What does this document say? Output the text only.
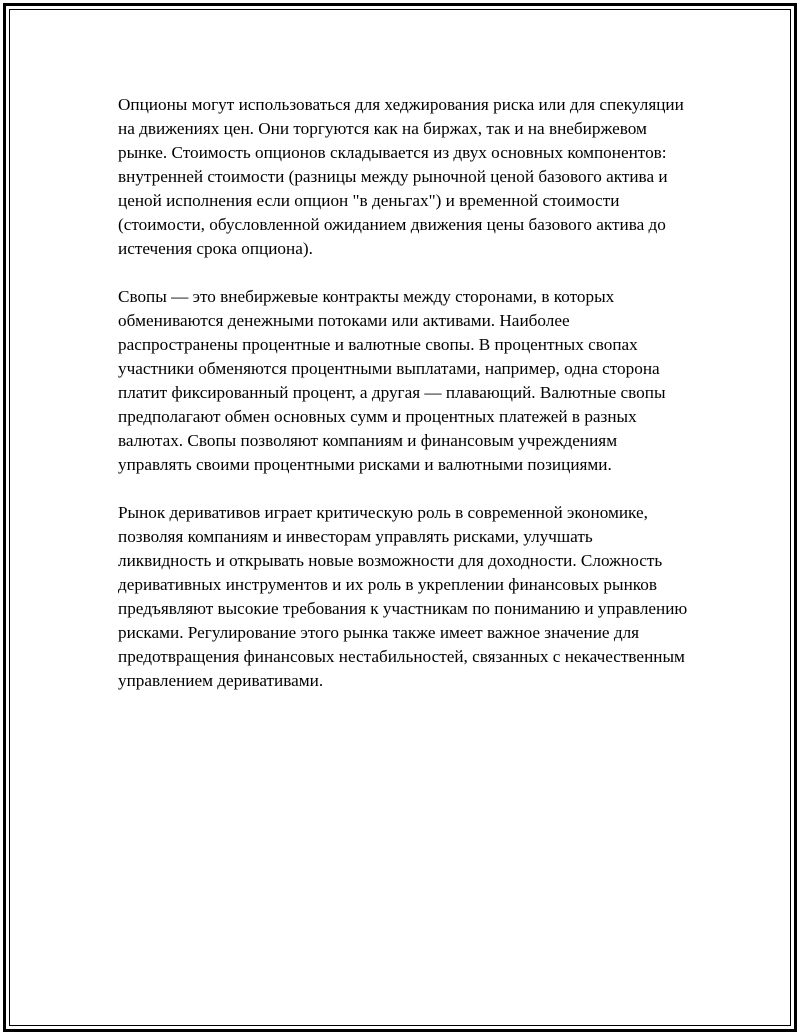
Опционы могут использоваться для хеджирования риска или для спекуляции на движениях цен. Они торгуются как на биржах, так и на внебиржевом рынке. Стоимость опционов складывается из двух основных компонентов: внутренней стоимости (разницы между рыночной ценой базового актива и ценой исполнения если опцион "в деньгах") и временной стоимости (стоимости, обусловленной ожиданием движения цены базового актива до истечения срока опциона).

Свопы — это внебиржевые контракты между сторонами, в которых обмениваются денежными потоками или активами. Наиболее распространены процентные и валютные свопы. В процентных свопах участники обменяются процентными выплатами, например, одна сторона платит фиксированный процент, а другая — плавающий. Валютные свопы предполагают обмен основных сумм и процентных платежей в разных валютах. Свопы позволяют компаниям и финансовым учреждениям управлять своими процентными рисками и валютными позициями.

Рынок деривативов играет критическую роль в современной экономике, позволяя компаниям и инвесторам управлять рисками, улучшать ликвидность и открывать новые возможности для доходности. Сложность деривативных инструментов и их роль в укреплении финансовых рынков предъявляют высокие требования к участникам по пониманию и управлению рисками. Регулирование этого рынка также имеет важное значение для предотвращения финансовых нестабильностей, связанных с некачественным управлением деривативами.
